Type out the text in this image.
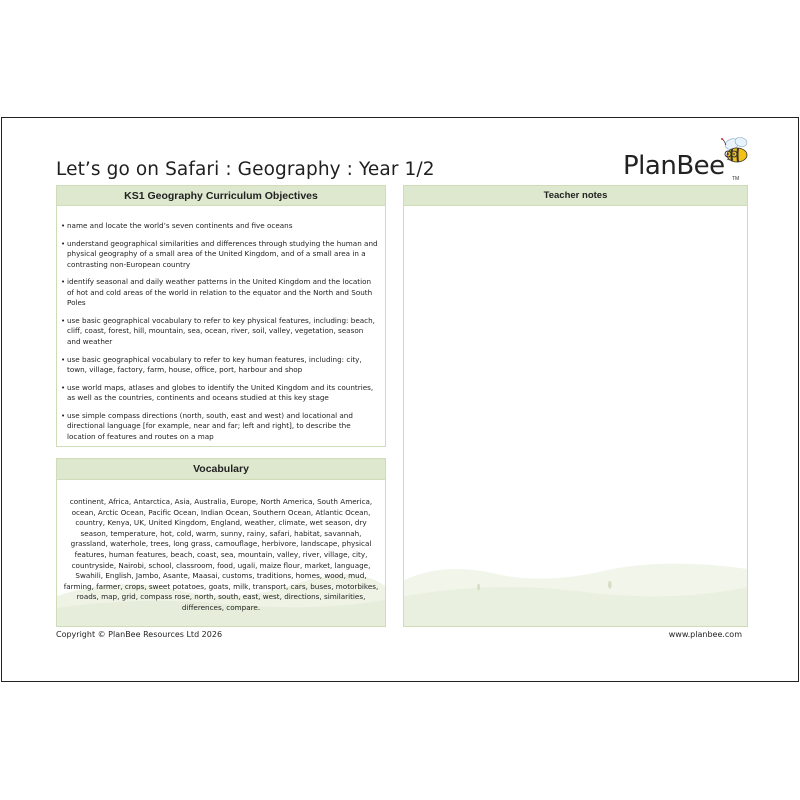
Let’s go on Safari : Geography : Year 1/2	PlanBee TM
KS1 Geography Curriculum Objectives
• name and locate the world’s seven continents and five oceans
• understand geographical similarities and differences through studying the human and physical geography of a small area of the United Kingdom, and of a small area in a contrasting non-European country
• identify seasonal and daily weather patterns in the United Kingdom and the location of hot and cold areas of the world in relation to the equator and the North and South Poles
• use basic geographical vocabulary to refer to key physical features, including: beach, cliff, coast, forest, hill, mountain, sea, ocean, river, soil, valley, vegetation, season and weather
• use basic geographical vocabulary to refer to key human features, including: city, town, village, factory, farm, house, office, port, harbour and shop
• use world maps, atlases and globes to identify the United Kingdom and its countries, as well as the countries, continents and oceans studied at this key stage
• use simple compass directions (north, south, east and west) and locational and directional language [for example, near and far; left and right], to describe the location of features and routes on a map
Vocabulary
continent, Africa, Antarctica, Asia, Australia, Europe, North America, South America, ocean, Arctic Ocean, Pacific Ocean, Indian Ocean, Southern Ocean, Atlantic Ocean, country, Kenya, UK, United Kingdom, England, weather, climate, wet season, dry season, temperature, hot, cold, warm, sunny, rainy, safari, habitat, savannah, grassland, waterhole, trees, long grass, camouflage, herbivore, landscape, physical features, human features, beach, coast, sea, mountain, valley, river, village, city, countryside, Nairobi, school, classroom, food, ugali, maize flour, market, language, Swahili, English, Jambo, Asante, Maasai, customs, traditions, homes, wood, mud, farming, farmer, crops, sweet potatoes, goats, milk, transport, cars, buses, motorbikes, roads, map, grid, compass rose, north, south, east, west, directions, similarities, differences, compare.
Teacher notes
Copyright © PlanBee Resources Ltd 2026	www.planbee.com
